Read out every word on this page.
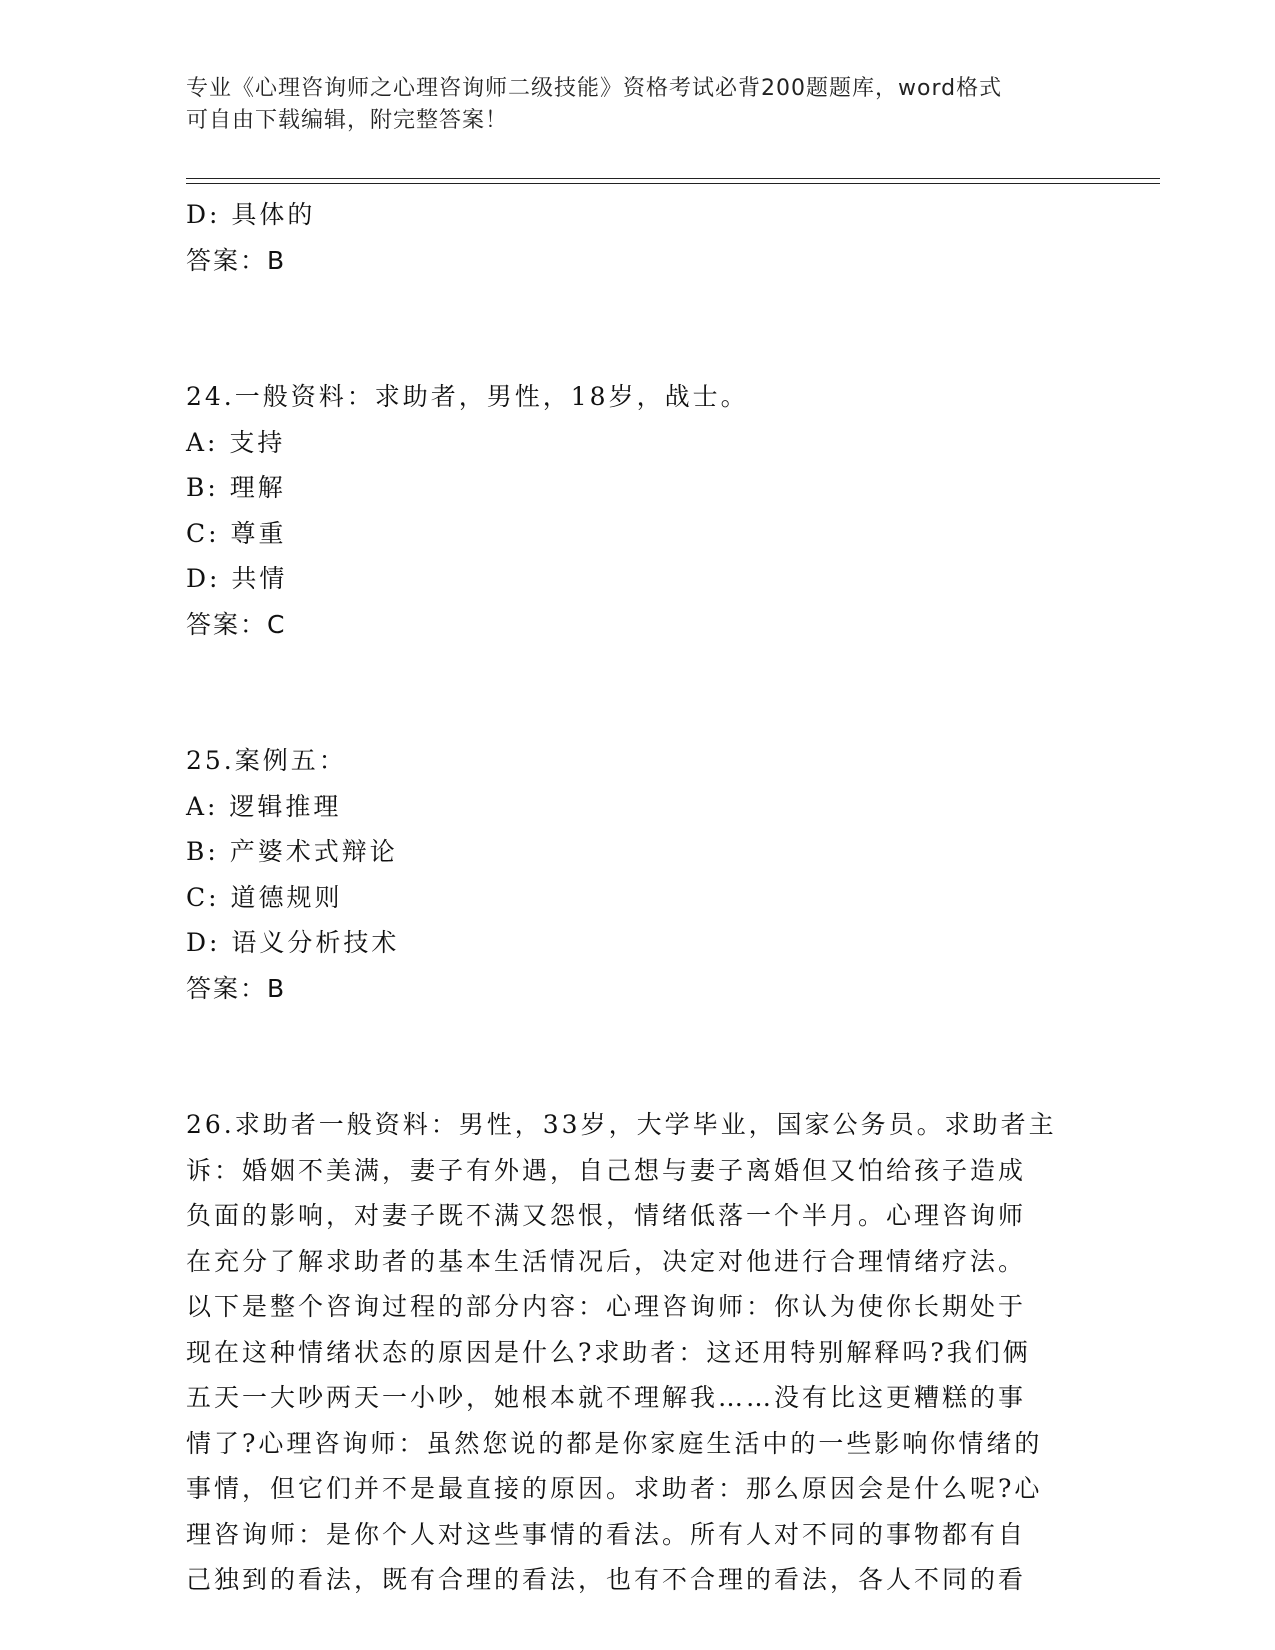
专业《心理咨询师之心理咨询师二级技能》资格考试必背200题题库，word格式
可自由下载编辑，附完整答案！
D: 具体的
答案：B
24.一般资料：求助者，男性，18岁，战士。
A: 支持
B: 理解
C: 尊重
D: 共情
答案：C
25.案例五：
A: 逻辑推理
B: 产婆术式辩论
C: 道德规则
D: 语义分析技术
答案：B
26.求助者一般资料：男性，33岁，大学毕业，国家公务员。求助者主
诉：婚姻不美满，妻子有外遇，自己想与妻子离婚但又怕给孩子造成
负面的影响，对妻子既不满又怨恨，情绪低落一个半月。心理咨询师
在充分了解求助者的基本生活情况后，决定对他进行合理情绪疗法。
以下是整个咨询过程的部分内容：心理咨询师：你认为使你长期处于
现在这种情绪状态的原因是什么?求助者：这还用特别解释吗?我们俩
五天一大吵两天一小吵，她根本就不理解我……没有比这更糟糕的事
情了?心理咨询师：虽然您说的都是你家庭生活中的一些影响你情绪的
事情，但它们并不是最直接的原因。求助者：那么原因会是什么呢?心
理咨询师：是你个人对这些事情的看法。所有人对不同的事物都有自
己独到的看法，既有合理的看法，也有不合理的看法，各人不同的看
